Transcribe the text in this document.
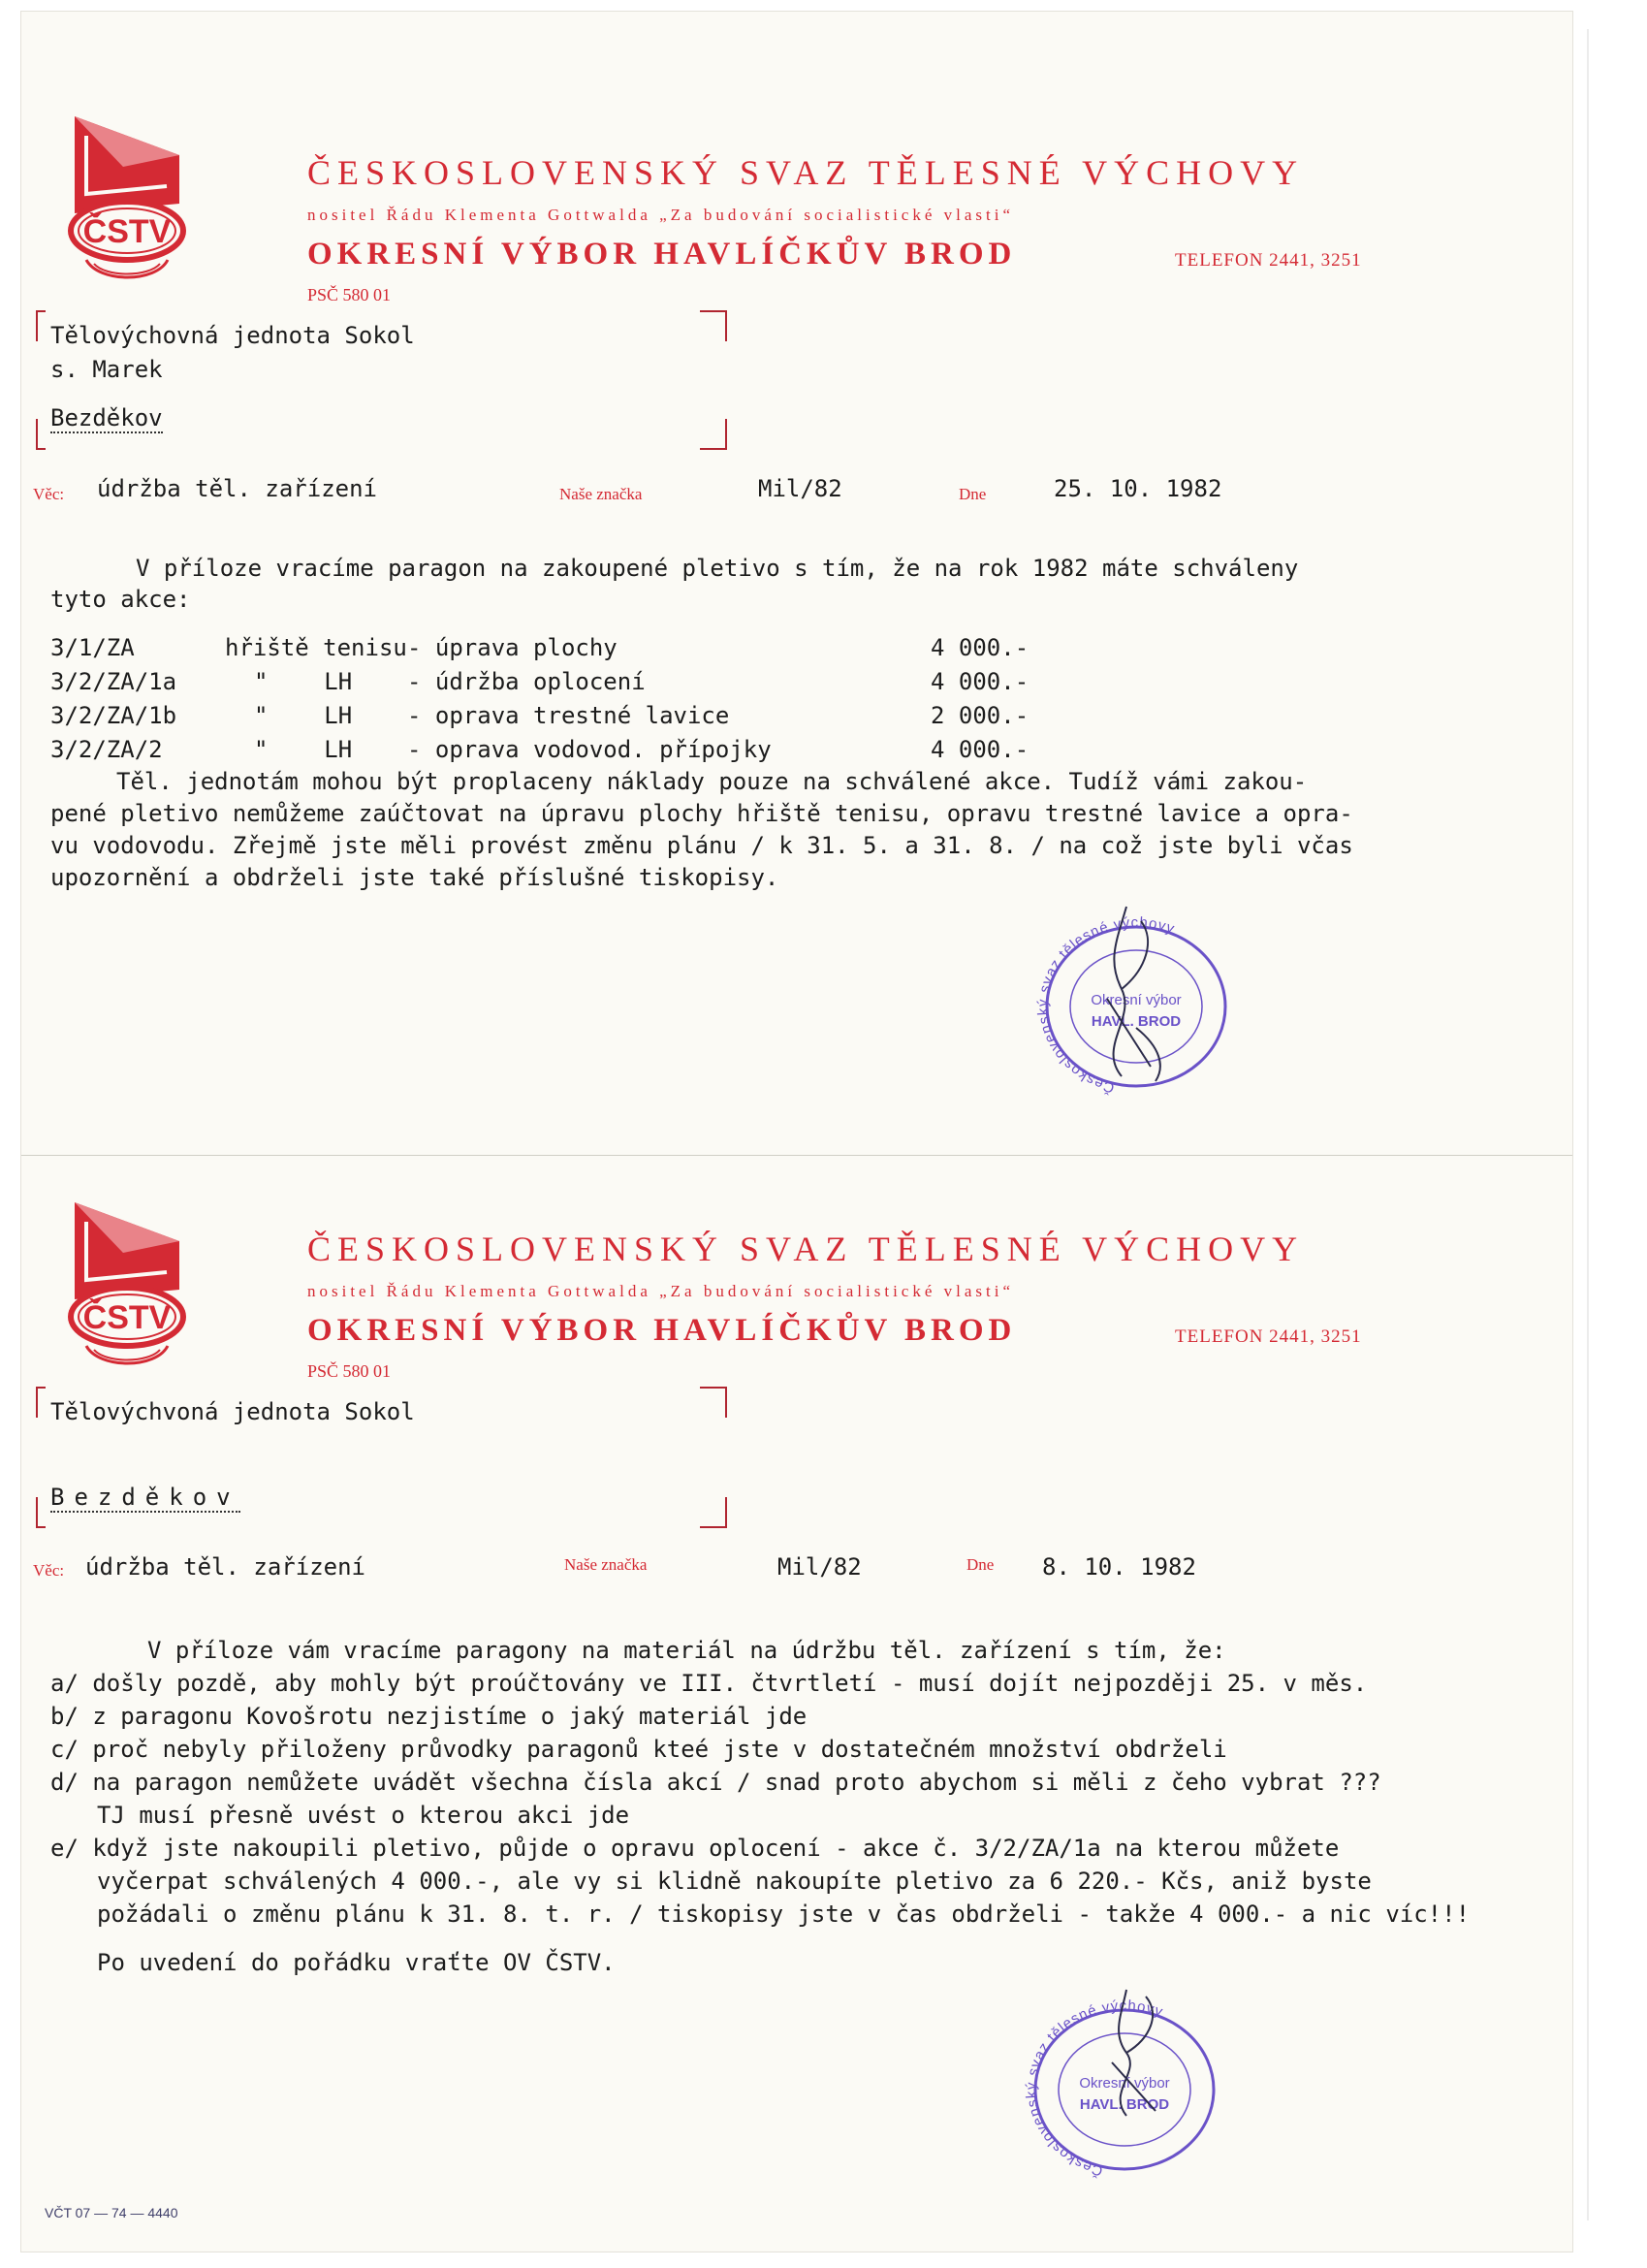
ČSTV
ČESKOSLOVENSKÝ SVAZ TĚLESNÉ VÝCHOVY
nositel Řádu Klementa Gottwalda „Za budování socialistické vlasti“
OKRESNÍ VÝBOR HAVLÍČKŮV BROD	TELEFON 2441, 3251
PSČ 580 01
Tělovýchovná jednota Sokol
s. Marek
Bezděkov
Věc: údržba těl. zařízení	Naše značka	Mil/82	Dne	25. 10. 1982
V příloze vracíme paragon na zakoupené pletivo s tím, že na rok 1982 máte schváleny
tyto akce:
3/1/ZA	hřiště tenisu - úprava plochy	4 000.-
3/2/ZA/1a	"    LH - údržba oplocení	4 000.-
3/2/ZA/1b	"    LH - oprava trestné lavice	2 000.-
3/2/ZA/2	"    LH - oprava vodovod. přípojky	4 000.-
Těl. jednotám mohou být proplaceny náklady pouze na schválené akce. Tudíž vámi zakou-
pené pletivo nemůžeme zaúčtovat na úpravu plochy hřiště tenisu, opravu trestné lavice a opra-
vu vodovodu. Zřejmě jste měli provést změnu plánu / k 31. 5. a 31. 8. / na což jste byli včas
upozornění a obdrželi jste také příslušné tiskopisy.
Československý svaz tělesné výchovy
Okresní výbor
HAVL. BROD
ČSTV
ČESKOSLOVENSKÝ SVAZ TĚLESNÉ VÝCHOVY
nositel Řádu Klementa Gottwalda „Za budování socialistické vlasti“
OKRESNÍ VÝBOR HAVLÍČKŮV BROD	TELEFON 2441, 3251
PSČ 580 01
Tělovýchvoná jednota Sokol
Bezděkov
Věc: údržba těl. zařízení	Naše značka	Mil/82	Dne 8. 10. 1982
V příloze vám vracíme paragony na materiál na údržbu těl. zařízení s tím, že:
a/ došly pozdě, aby mohly být proúčtovány ve III. čtvrtletí - musí dojít nejpozději 25. v měs.
b/ z paragonu Kovošrotu nezjistíme o jaký materiál jde
c/ proč nebyly přiloženy průvodky paragonů kteé jste v dostatečném množství obdrželi
d/ na paragon nemůžete uvádět všechna čísla akcí / snad proto abychom si měli z čeho vybrat ???
TJ musí přesně uvést o kterou akci jde
e/ když jste nakoupili pletivo, půjde o opravu oplocení - akce č. 3/2/ZA/1a na kterou můžete
vyčerpat schválených 4 000.-, ale vy si klidně nakoupíte pletivo za 6 220.- Kčs, aniž byste
požádali o změnu plánu k 31. 8. t. r. / tiskopisy jste v čas obdrželi - takže 4 000.- a nic víc!!!
Po uvedení do pořádku vraťte OV ČSTV.
Československý svaz tělesné výchovy
Okresní výbor
HAVL. BROD
VČT 07 — 74 — 4440
